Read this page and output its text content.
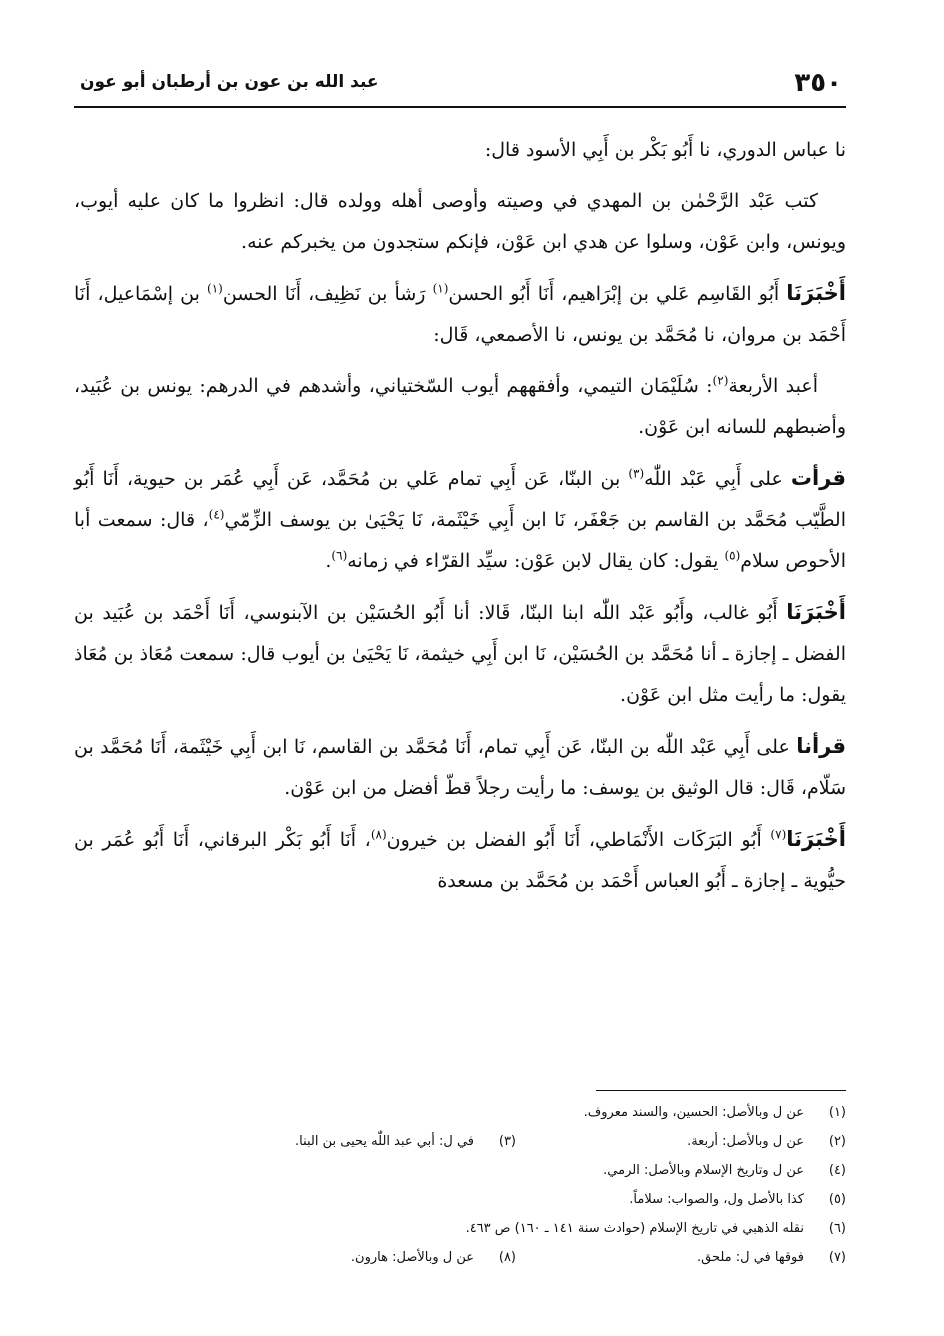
٣٥٠
عبد الله بن عون بن أرطبان أبو عون

نا عباس الدوري، نا أَبُو بَكْر بن أَبِي الأسود قال:

كتب عَبْد الرَّحْمٰن بن المهدي في وصيته وأوصى أهله وولده قال: انظروا ما كان عليه أيوب، ويونس، وابن عَوْن، وسلوا عن هدي ابن عَوْن، فإنكم ستجدون من يخبركم عنه.

أَخْبَرَنَا أَبُو القَاسِم عَلي بن إبْرَاهيم، أَنَا أَبُو الحسن$^{(١)}$ رَشأ بن نَظِيف، أَنَا الحسن$^{(١)}$ بن إسْمَاعيل، أَنَا أَحْمَد بن مروان، نا مُحَمَّد بن يونس، نا الأصمعي، قَال:

أعبد الأربعة$^{(٢)}$: سُلَيْمَان التيمي، وأفقههم أيوب السّختياني، وأشدهم في الدرهم: يونس بن عُبَيد، وأضبطهم للسانه ابن عَوْن.

قرأت على أَبِي عَبْد اللّٰه$^{(٣)}$ بن البنّا، عَن أَبِي تمام عَلي بن مُحَمَّد، عَن أَبِي عُمَر بن حيوية، أَنَا أَبُو الطَّيّب مُحَمَّد بن القاسم بن جَعْفَر، نَا ابن أَبِي خَيْثَمة، نَا يَحْيَىٰ بن يوسف الزِّمّي$^{(٤)}$، قال: سمعت أبا الأحوص سلام$^{(٥)}$ يقول: كان يقال لابن عَوْن: سيِّد القرّاء في زمانه$^{(٦)}$.

أَخْبَرَنَا أَبُو غالب، وأَبُو عَبْد اللّٰه ابنا البنّا، قَالا: أنا أَبُو الحُسَيْن بن الآبنوسي، أَنَا أَحْمَد بن عُبَيد بن الفضل ـ إجازة ـ أنا مُحَمَّد بن الحُسَيْن، نَا ابن أَبِي خيثمة، نَا يَحْيَىٰ بن أيوب قال: سمعت مُعَاذ بن مُعَاذ يقول: ما رأيت مثل ابن عَوْن.

قرأنا على أَبِي عَبْد اللّٰه بن البنّا، عَن أَبِي تمام، أَنَا مُحَمَّد بن القاسم، نَا ابن أَبِي خَيْثَمة، أَنَا مُحَمَّد بن سَلّام، قَال: قال الوثيق بن يوسف: ما رأيت رجلاً قطّ أفضل من ابن عَوْن.

أَخْبَرَنَا$^{(٧)}$ أَبُو البَرَكَات الأَنْمَاطي، أَنَا أَبُو الفضل بن خيرون$^{(٨)}$، أَنَا أَبُو بَكْر البرقاني، أَنَا أَبُو عُمَر بن حيُّوية ـ إجازة ـ أَبُو العباس أَحْمَد بن مُحَمَّد بن مسعدة

(١)
عن ل وبالأصل: الحسين، والسند معروف.
(٢)
عن ل وبالأصل: أربعة.
(٣)
في ل: أبي عبد اللّٰه يحيى بن البنا.
(٤)
عن ل وتاريخ الإسلام وبالأصل: الرمي.
(٥)
كذا بالأصل ول، والصواب: سلاماً.
(٦)
نقله الذهبي في تاريخ الإسلام (حوادث سنة ١٤١ ـ ١٦٠) ص ٤٦٣.
(٧)
فوقها في ل: ملحق.
(٨)
عن ل وبالأصل: هارون.
